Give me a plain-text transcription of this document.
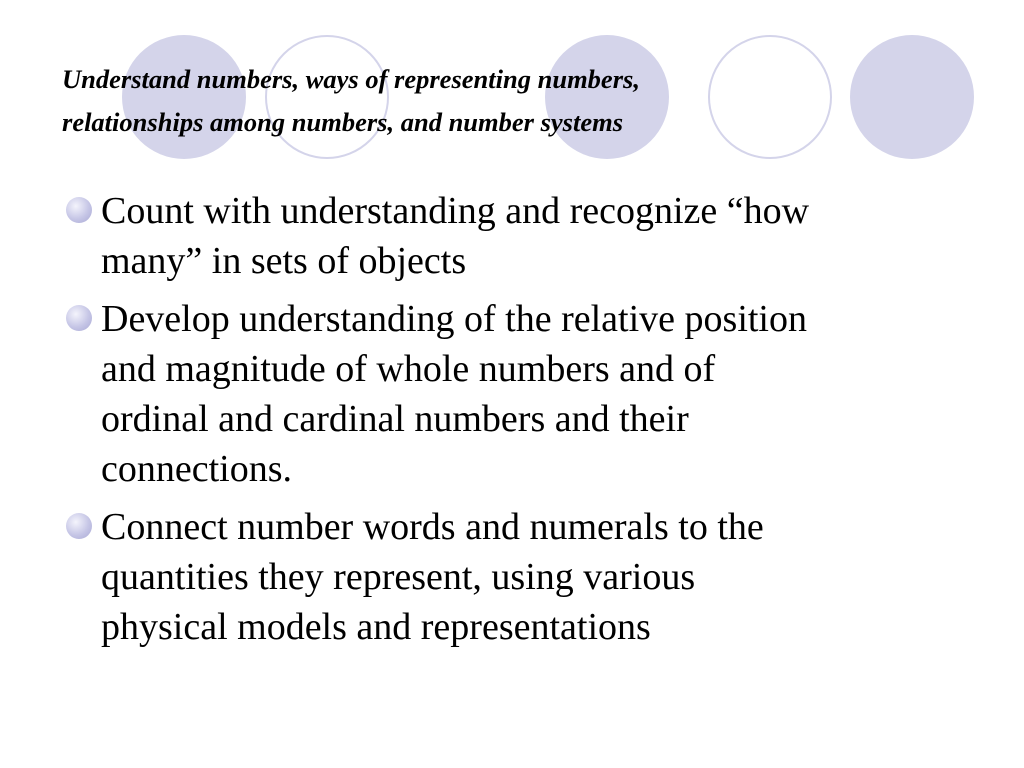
Understand numbers, ways of representing numbers,
relationships among numbers, and number systems
Count with understanding and recognize “how
many” in sets of objects
Develop understanding of the relative position
and magnitude of whole numbers and of
ordinal and cardinal numbers and their
connections.
Connect number words and numerals to the
quantities they represent, using various
physical models and representations
